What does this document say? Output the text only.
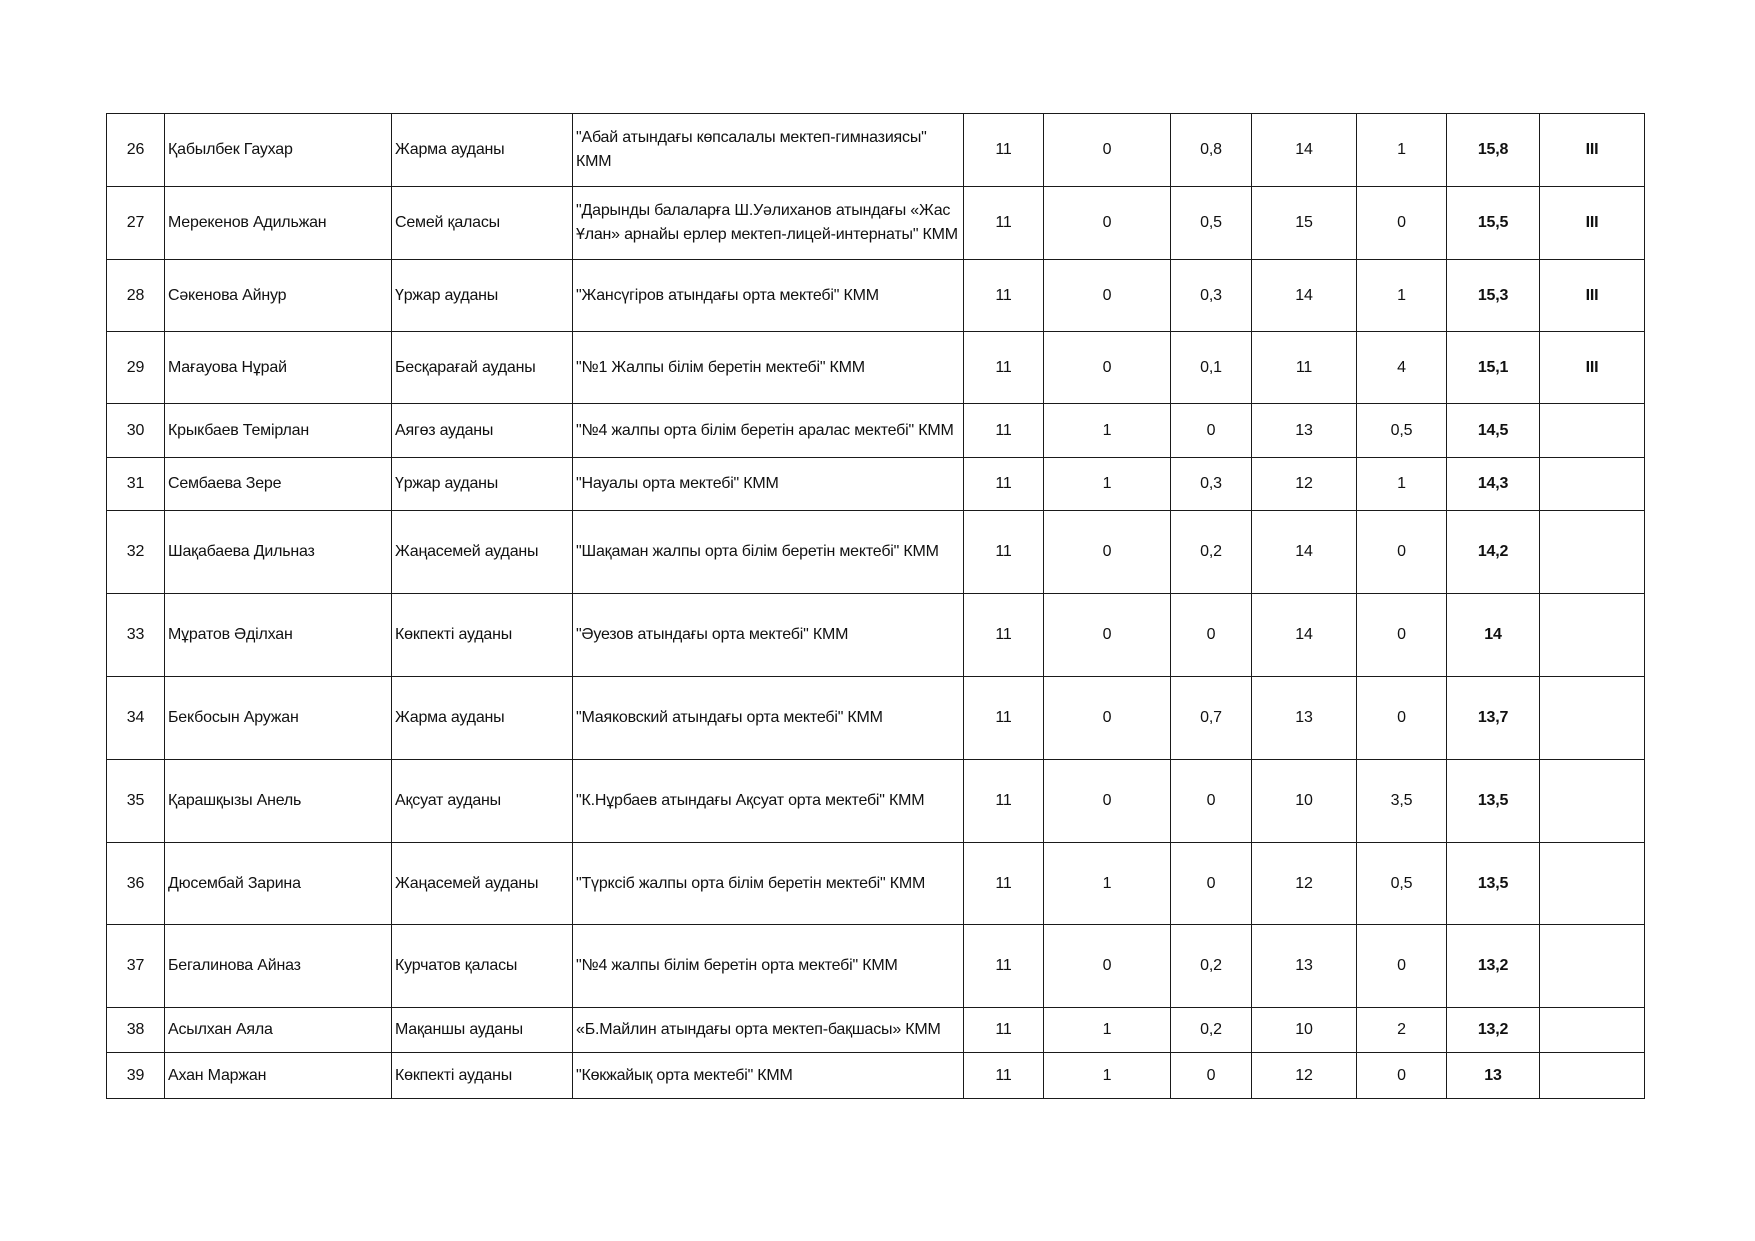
26	Қабылбек Гаухар	Жарма ауданы	"Абай атындағы көпсалалы мектеп-гимназиясы" КММ	11	0	0,8	14	1	15,8	III
27	Мерекенов Адильжан	Семей қаласы	"Дарынды балаларға Ш.Уәлиханов атындағы «Жас Ұлан» арнайы ерлер мектеп-лицей-интернаты" КММ	11	0	0,5	15	0	15,5	III
28	Сәкенова Айнур	Үржар ауданы	"Жансүгіров атындағы орта мектебі" КММ	11	0	0,3	14	1	15,3	III
29	Мағауова Нұрай	Бесқарағай ауданы	"№1 Жалпы білім беретін мектебі" КММ	11	0	0,1	11	4	15,1	III
30	Крыкбаев Темірлан	Аягөз ауданы	"№4 жалпы орта білім беретін аралас мектебі" КММ	11	1	0	13	0,5	14,5	
31	Сембаева Зере	Үржар ауданы	"Науалы орта мектебі" КММ	11	1	0,3	12	1	14,3	
32	Шақабаева Дильназ	Жаңасемей ауданы	"Шақаман жалпы орта білім беретін мектебі" КММ	11	0	0,2	14	0	14,2	
33	Мұратов Әділхан	Көкпекті ауданы	"Әуезов атындағы орта мектебі" КММ	11	0	0	14	0	14	
34	Бекбосын Аружан	Жарма ауданы	"Маяковский атындағы орта мектебі" КММ	11	0	0,7	13	0	13,7	
35	Қарашқызы Анель	Ақсуат ауданы	"К.Нұрбаев атындағы Ақсуат орта мектебі" КММ	11	0	0	10	3,5	13,5	
36	Дюсембай Зарина	Жаңасемей ауданы	"Түрксіб жалпы орта білім беретін мектебі" КММ	11	1	0	12	0,5	13,5	
37	Бегалинова Айназ	Курчатов қаласы	"№4 жалпы білім беретін орта мектебі" КММ	11	0	0,2	13	0	13,2	
38	Асылхан Аяла	Мақаншы ауданы	«Б.Майлин атындағы орта мектеп-бақшасы» КММ	11	1	0,2	10	2	13,2	
39	Ахан Маржан	Көкпекті ауданы	"Көкжайық орта мектебі" КММ	11	1	0	12	0	13	
